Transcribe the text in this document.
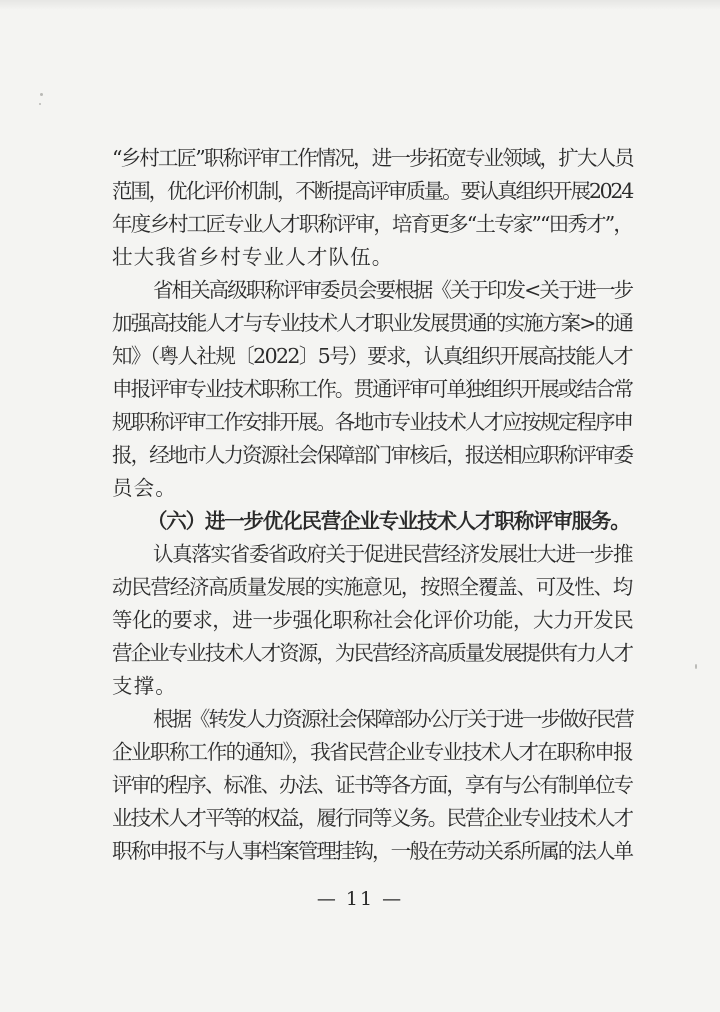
“乡村工匠”职称评审工作情况，进一步拓宽专业领域，扩大人员
范围，优化评价机制，不断提高评审质量。要认真组织开展2024
年度乡村工匠专业人才职称评审，培育更多“土专家”“田秀才”，
壮大我省乡村专业人才队伍。
省相关高级职称评审委员会要根据《关于印发<关于进一步
加强高技能人才与专业技术人才职业发展贯通的实施方案>的通
知》（粤人社规〔2022〕5号）要求，认真组织开展高技能人才
申报评审专业技术职称工作。贯通评审可单独组织开展或结合常
规职称评审工作安排开展。各地市专业技术人才应按规定程序申
报，经地市人力资源社会保障部门审核后，报送相应职称评审委
员会。
（六）进一步优化民营企业专业技术人才职称评审服务。
认真落实省委省政府关于促进民营经济发展壮大进一步推
动民营经济高质量发展的实施意见，按照全覆盖、可及性、均
等化的要求，进一步强化职称社会化评价功能，大力开发民
营企业专业技术人才资源，为民营经济高质量发展提供有力人才
支撑。
根据《转发人力资源社会保障部办公厅关于进一步做好民营
企业职称工作的通知》，我省民营企业专业技术人才在职称申报
评审的程序、标准、办法、证书等各方面，享有与公有制单位专
业技术人才平等的权益，履行同等义务。民营企业专业技术人才
职称申报不与人事档案管理挂钩，一般在劳动关系所属的法人单
— 11 —
